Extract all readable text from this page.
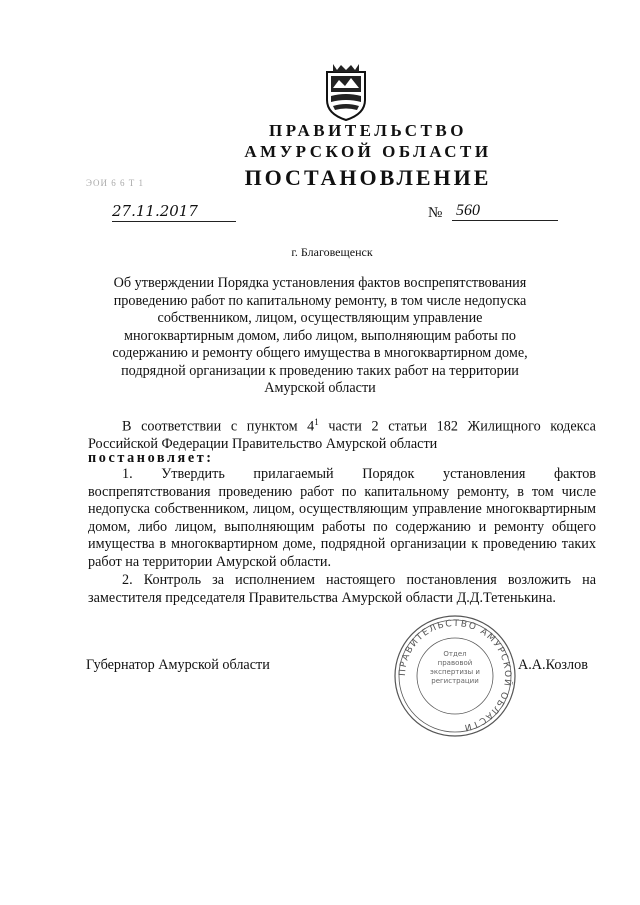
ПРАВИТЕЛЬСТВО
АМУРСКОЙ ОБЛАСТИ
ПОСТАНОВЛЕНИЕ
ЭОИ 6 6 Т 1
27.11.2017	№ 560
г. Благовещенск
Об утверждении Порядка установления фактов воспрепятствования проведению работ по капитальному ремонту, в том числе недопуска собственником, лицом, осуществляющим управление многоквартирным домом, либо лицом, выполняющим работы по содержанию и ремонту общего имущества в многоквартирном доме, подрядной организации к проведению таких работ на территории Амурской области
В соответствии с пунктом $4^1$ части 2 статьи 182 Жилищного кодекса Российской Федерации Правительство Амурской области
постановляет:
1. Утвердить прилагаемый Порядок установления фактов воспрепятствования проведению работ по капитальному ремонту, в том числе недопуска собственником, лицом, осуществляющим управление многоквартирным домом, либо лицом, выполняющим работы по содержанию и ремонту общего имущества в многоквартирном доме, подрядной организации к проведению таких работ на территории Амурской области.
2. Контроль за исполнением настоящего постановления возложить на заместителя председателя Правительства Амурской области Д.Д.Тетенькина.
Губернатор Амурской области	ПРАВИТЕЛЬСТВО АМУРСКОЙ ОБЛАСТИ
Отдел правовой экспертизы и регистрации
А.А.Козлов
